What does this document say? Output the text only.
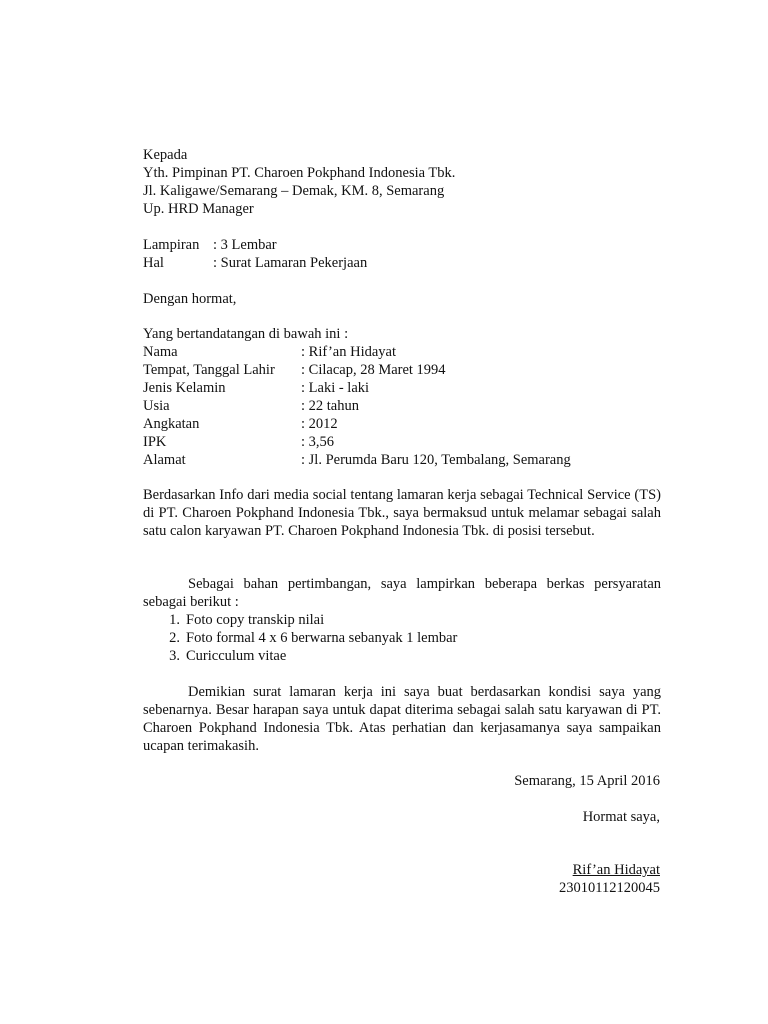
Kepada
Yth. Pimpinan PT. Charoen Pokphand Indonesia Tbk.
Jl. Kaligawe/Semarang – Demak, KM. 8, Semarang
Up. HRD Manager
Lampiran : 3 Lembar
Hal	: Surat Lamaran Pekerjaan
Dengan hormat,
Yang bertandatangan di bawah ini :
Nama	: Rif’an Hidayat
Tempat, Tanggal Lahir	: Cilacap, 28 Maret 1994
Jenis Kelamin	: Laki - laki
Usia	: 22 tahun
Angkatan	: 2012
IPK	: 3,56
Alamat	: Jl. Perumda Baru 120, Tembalang, Semarang
Berdasarkan Info dari media social tentang lamaran kerja sebagai Technical Service (TS) di PT. Charoen Pokphand Indonesia Tbk., saya bermaksud untuk melamar sebagai salah satu calon karyawan PT. Charoen Pokphand Indonesia Tbk. di posisi tersebut.
Sebagai bahan pertimbangan, saya lampirkan beberapa berkas persyaratan sebagai berikut :
1. Foto copy transkip nilai
2. Foto formal 4 x 6 berwarna sebanyak 1 lembar
3. Curicculum vitae
Demikian surat lamaran kerja ini saya buat berdasarkan kondisi saya yang sebenarnya. Besar harapan saya untuk dapat diterima sebagai salah satu karyawan di PT. Charoen Pokphand Indonesia Tbk. Atas perhatian dan kerjasamanya saya sampaikan ucapan terimakasih.
Semarang, 15 April 2016
Hormat saya,
Rif’an Hidayat
23010112120045
